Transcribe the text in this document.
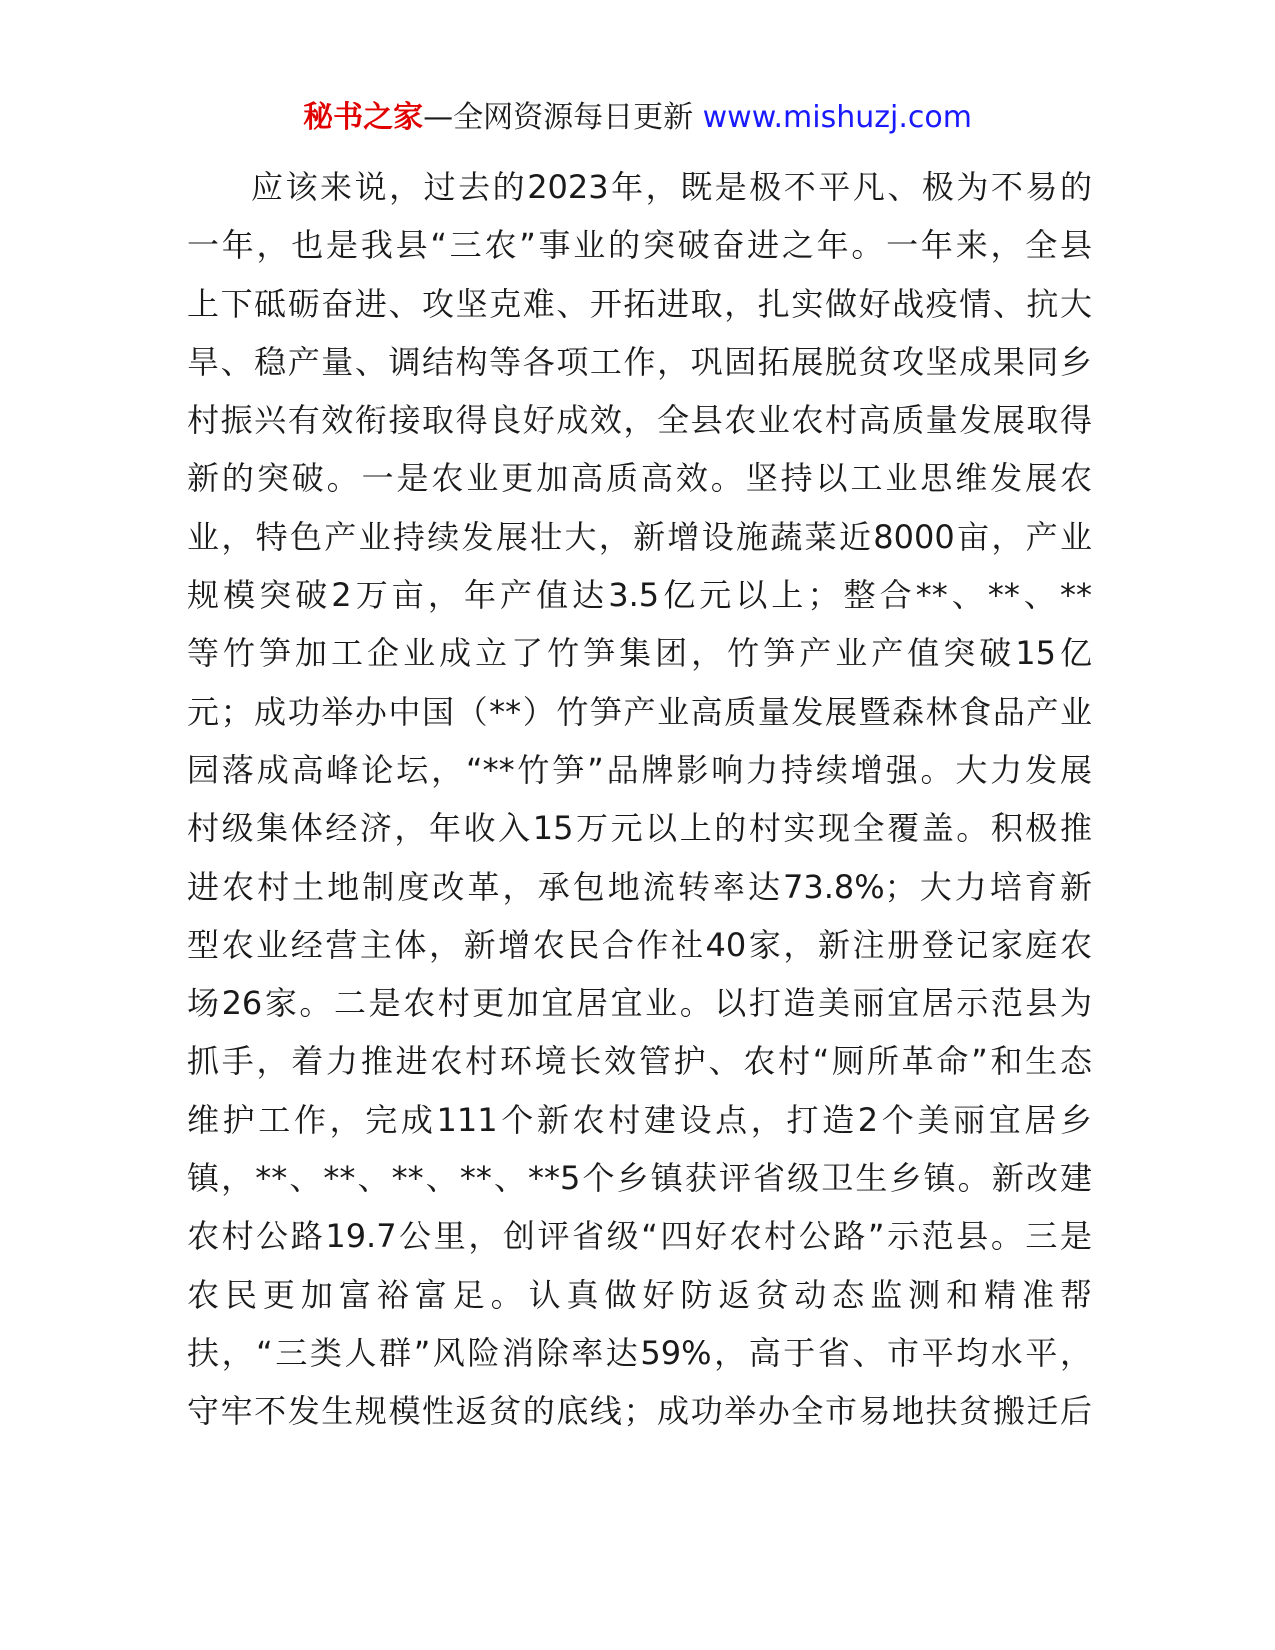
秘书之家—全网资源每日更新 www.mishuzj.com
应该来说，过去的2023年，既是极不平凡、极为不易的
一年，也是我县“三农”事业的突破奋进之年。一年来，全县
上下砥砺奋进、攻坚克难、开拓进取，扎实做好战疫情、抗大
旱、稳产量、调结构等各项工作，巩固拓展脱贫攻坚成果同乡
村振兴有效衔接取得良好成效，全县农业农村高质量发展取得
新的突破。一是农业更加高质高效。坚持以工业思维发展农
业，特色产业持续发展壮大，新增设施蔬菜近8000亩，产业
规模突破2万亩，年产值达3.5亿元以上；整合**、**、**
等竹笋加工企业成立了竹笋集团，竹笋产业产值突破15亿
元；成功举办中国（**）竹笋产业高质量发展暨森林食品产业
园落成高峰论坛，“**竹笋”品牌影响力持续增强。大力发展
村级集体经济，年收入15万元以上的村实现全覆盖。积极推
进农村土地制度改革，承包地流转率达73.8%；大力培育新
型农业经营主体，新增农民合作社40家，新注册登记家庭农
场26家。二是农村更加宜居宜业。以打造美丽宜居示范县为
抓手，着力推进农村环境长效管护、农村“厕所革命”和生态
维护工作，完成111个新农村建设点，打造2个美丽宜居乡
镇，**、**、**、**、**5个乡镇获评省级卫生乡镇。新改建
农村公路19.7公里，创评省级“四好农村公路”示范县。三是
农民更加富裕富足。认真做好防返贫动态监测和精准帮
扶，“三类人群”风险消除率达59%，高于省、市平均水平，
守牢不发生规模性返贫的底线；成功举办全市易地扶贫搬迁后
